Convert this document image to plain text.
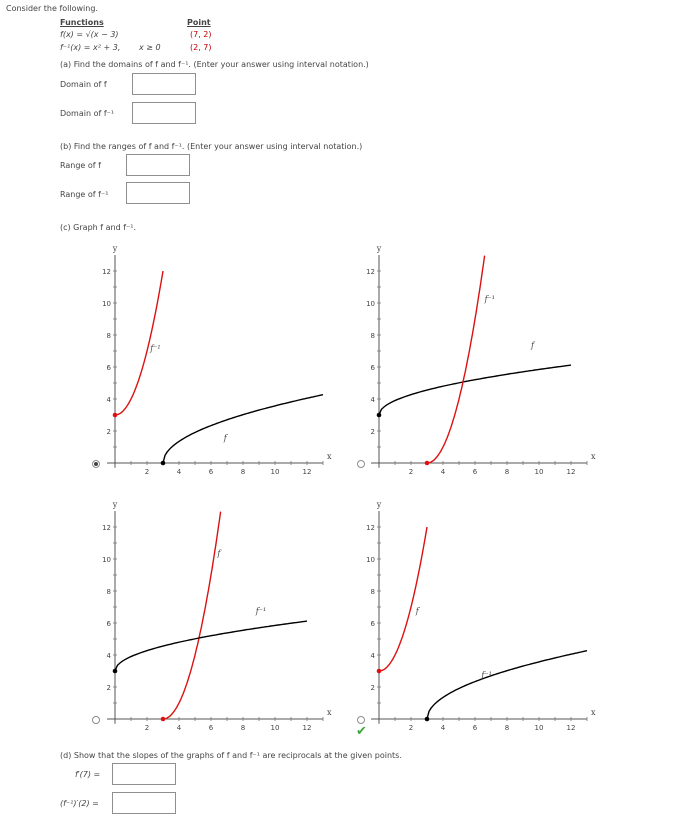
Consider the following.
Functions	Point
f(x) = √(x − 3)	(7, 2)
f⁻¹(x) = x² + 3, x ≥ 0	(2, 7)
(a) Find the domains of f and f⁻¹. (Enter your answer using interval notation.)
Domain of f
Domain of f⁻¹
(b) Find the ranges of f and f⁻¹. (Enter your answer using interval notation.)
Range of f
Range of f⁻¹
(c) Graph f and f⁻¹.
2	4	6	8	10	12
2
4
6
8
10
12
x
y
f
f⁻¹
2	4	6	8	10	12
2
4
6
8
10
12
x
y
f
f⁻¹
2	4	6	8	10	12
2
4
6
8
10
12
x
y
f
f⁻¹
2	4	6	8	10	12
2
4
6
8
10
12
x
y
f
f⁻¹
✔
(d) Show that the slopes of the graphs of f and f⁻¹ are reciprocals at the given points.
f′(7) =
(f⁻¹)′(2) =
